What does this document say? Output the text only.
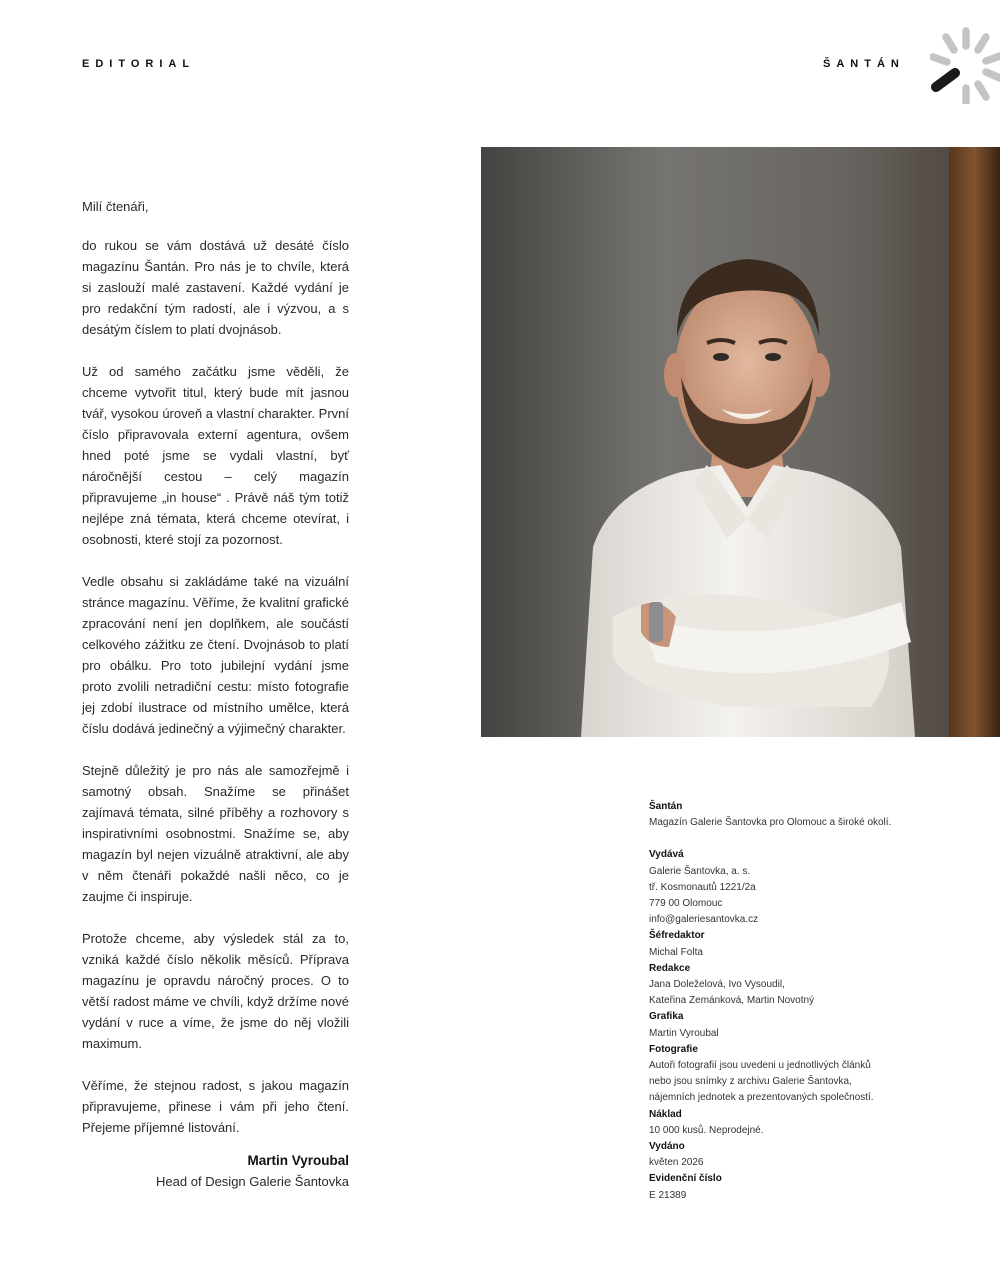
EDITORIAL	ŠANTÁN

Milí čtenáři,

do rukou se vám dostává už desáté číslo magazínu Šantán. Pro nás je to chvíle, která si zaslouží malé zastavení. Každé vydání je pro redakční tým radostí, ale i výzvou, a s desátým číslem to platí dvojnásob.

Už od samého začátku jsme věděli, že chceme vytvořit titul, který bude mít jasnou tvář, vysokou úroveň a vlastní charakter. První číslo připravovala externí agentura, ovšem hned poté jsme se vydali vlastní, byť náročnější cestou – celý magazín připravujeme „in house“ . Právě náš tým totiž nejlépe zná témata, která chceme otevírat, i osobnosti, které stojí za pozornost.

Vedle obsahu si zakládáme také na vizuální stránce magazínu. Věříme, že kvalitní grafické zpracování není jen doplňkem, ale součástí celkového zážitku ze čtení. Dvojnásob to platí pro obálku. Pro toto jubilejní vydání jsme proto zvolili netradiční cestu: místo fotografie jej zdobí ilustrace od místního umělce, která číslu dodává jedinečný a výjimečný charakter.

Stejně důležitý je pro nás ale samozřejmě i samotný obsah. Snažíme se přinášet zajímavá témata, silné příběhy a rozhovory s inspirativními osobnostmi. Snažíme se, aby magazín byl nejen vizuálně atraktivní, ale aby v něm čtenáři pokaždé našli něco, co je zaujme či inspiruje.

Protože chceme, aby výsledek stál za to, vzniká každé číslo několik měsíců. Příprava magazínu je opravdu náročný proces. O to větší radost máme ve chvíli, když držíme nové vydání v ruce a víme, že jsme do něj vložili maximum.

Věříme, že stejnou radost, s jakou magazín připravujeme, přinese i vám při jeho čtení. Přejeme příjemné listování.

Martin Vyroubal
Head of Design Galerie Šantovka
Šantán
Magazín Galerie Šantovka pro Olomouc a široké okolí.
Vydává
Galerie Šantovka, a. s.
tř. Kosmonautů 1221/2a
779 00 Olomouc
info@galeriesantovka.cz
Šéfredaktor
Michal Folta
Redakce
Jana Doleželová, Ivo Vysoudil,
Kateřina Zemánková, Martin Novotný
Grafika
Martin Vyroubal
Fotografie
Autoři fotografií jsou uvedeni u jednotlivých článků
nebo jsou snímky z archivu Galerie Šantovka,
nájemních jednotek a prezentovaných společností.
Náklad
10 000 kusů. Neprodejné.
Vydáno
květen 2026
Evidenční číslo
E 21389
